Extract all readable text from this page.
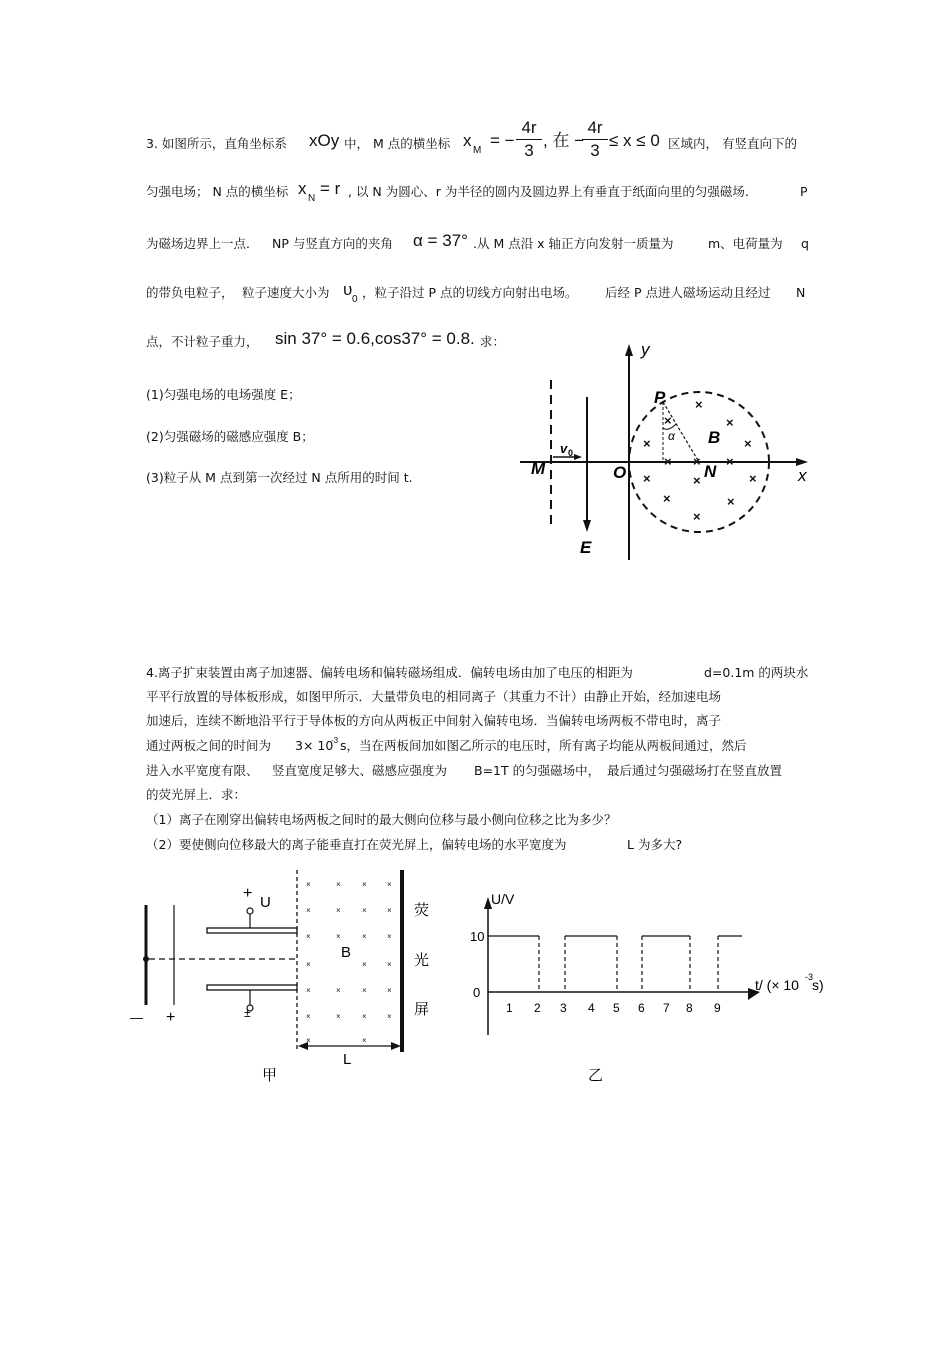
3. 如图所示，直角坐标系 xOy 中， M 点的横坐标 x
M
= −
4r
3
, 在 −
4r
3
≤ x ≤ 0 区域内， 有竖直向下的
匀强电场； N 点的横坐标 x
N
= r , 以 N 为圆心、r 为半径的圆内及圆边界上有垂直于纸面向里的匀强磁场.	P
为磁场边界上一点. NP 与竖直方向的夹角 α = 37° .从 M 点沿 x 轴正方向发射一质量为	m、电荷量为 q
的带负电粒子， 粒子速度大小为 υ
0 ，粒子沿过 P 点的切线方向射出电场。 后经 P 点进人磁场运动且经过 N
点，不计粒子重力， sin 37° = 0.6,cos37° = 0.8. 求：
(1)匀强电场的电场强度 E；
(2)匀强磁场的磁感应强度 B；
(3)粒子从 M 点到第一次经过 N 点所用的时间 t.
y
x
P
M	O	N
B
E
α
v 0
×
×
×
×
× × ×
×
×	×
×
×
×
×
4.离子扩束装置由离子加速器、偏转电场和偏转磁场组成．偏转电场由加了电压的相距为	d=0.1m 的两块水
平平行放置的导体板形成，如图甲所示．大量带负电的相同离子（其重力不计）由静止开始，经加速电场
加速后，连续不断地沿平行于导体板的方向从两板正中间射入偏转电场．当偏转电场两板不带电时，离子
通过两板之间的时间为 3× 10
-3 s，当在两板间加如图乙所示的电压时，所有离子均能从两板间通过，然后
进入水平宽度有限、 竖直宽度足够大、磁感应强度为 B=1T 的匀强磁场中， 最后通过匀强磁场打在竖直放置
的荧光屏上．求：
（1）离子在刚穿出偏转电场两板之间时的最大侧向位移与最小侧向位移之比为多少？
（2）要使侧向位移最大的离子能垂直打在荧光屏上，偏转电场的水平宽度为	L 为多大?
+
U
B
±
— +
L
荧
光
屏
甲
×	×	×	×
×	×	×	×
×	×	×	×
×	×	×
×	×	×	×
×	×	×	×
×	×
U/V
10
0	t/ (× 10 -3
s)
1 2 3 4 5 6 7 8 9
乙
